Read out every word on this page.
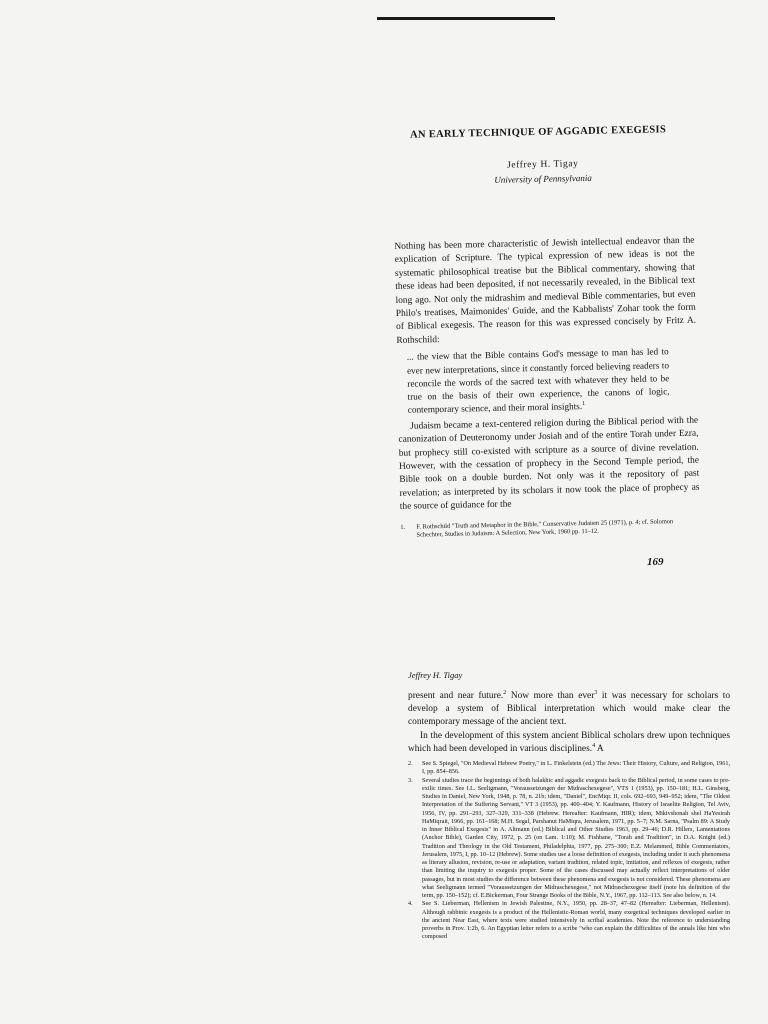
AN EARLY TECHNIQUE OF AGGADIC EXEGESIS
Jeffrey H. Tigay
University of Pennsylvania

Nothing has been more characteristic of Jewish intellectual endeavor than the explication of Scripture. The typical expression of new ideas is not the systematic philosophical treatise but the Biblical commentary, showing that these ideas had been deposited, if not necessarily revealed, in the Biblical text long ago. Not only the midrashim and medieval Bible commentaries, but even Philo's treatises, Maimonides' Guide, and the Kabbalists' Zohar took the form of Biblical exegesis. The reason for this was expressed concisely by Fritz A. Rothschild:

... the view that the Bible contains God's message to man has led to ever new interpretations, since it constantly forced believing readers to reconcile the words of the sacred text with whatever they held to be true on the basis of their own experience, the canons of logic, contemporary science, and their moral insights.$^1$

Judaism became a text-centered religion during the Biblical period with the canonization of Deuteronomy under Josiah and of the entire Torah under Ezra, but prophecy still co-existed with scripture as a source of divine revelation. However, with the cessation of prophecy in the Second Temple period, the Bible took on a double burden. Not only was it the repository of past revelation; as interpreted by its scholars it now took the place of prophecy as the source of guidance for the

1.	F. Rothschild "Truth and Metaphor in the Bible," Conservative Judaism 25 (1971), p. 4; cf. Solomon Schechter, Studies in Judaism: A Selection, New York, 1960 pp. 11–12.
169
Jeffrey H. Tigay

present and near future.$^2$ Now more than ever$^3$ it was necessary for scholars to develop a system of Biblical interpretation which would make clear the contemporary message of the ancient text.

In the development of this system ancient Biblical scholars drew upon techniques which had been developed in various disciplines.$^4$ A

2.	See S. Spiegel, "On Medieval Hebrew Poetry," in L. Finkelstein (ed.) The Jews: Their History, Culture, and Religion, 1961, I, pp. 854–856.
3.	Several studies trace the beginnings of both halakhic and aggadic exegesis back to the Biblical period, in some cases to pre-exilic times. See I.L. Seeligmann, "Voraussetzungen der Midraschexegese", VTS 1 (1953), pp. 150–181; H.L. Ginsberg, Studies in Daniel, New York, 1948, p. 78, n. 21b; idem, "Daniel", EncMiqr. II, cols. 692–693, 949–952; idem, "The Oldest Interpretation of the Suffering Servant," VT 3 (1953), pp. 400–404; Y. Kaufmann, History of Israelite Religion, Tel Aviv, 1956, IV, pp. 291–293, 327–329, 331–338 (Hebrew. Hereafter: Kaufmann, HIR); idem, Mikivshonah shel HaYesirah HaMiqrait, 1966, pp. 161–168; M.H. Segal, Parshanut HaMiqra, Jerusalem, 1971, pp. 5–7; N.M. Sarna, "Psalm 89: A Study in Inner Biblical Exegesis" in A. Altmann (ed.) Biblical and Other Studies 1963, pp. 29–46; D.R. Hillers, Lamentations (Anchor Bible), Garden City, 1972, p. 25 (on Lam. 1:10); M. Fishbane, "Torah and Tradition", in D.A. Knight (ed.) Tradition and Theology in the Old Testament, Philadelphia, 1977, pp. 275–300; E.Z. Melammed, Bible Commentators, Jerusalem, 1975, I, pp. 10–12 (Hebrew). Some studies use a loose definition of exegesis, including under it such phenomena as literary allusion, revision, re-use or adaptation, variant tradition, related topic, imitation, and reflexes of exegesis, rather than limiting the inquiry to exegesis proper. Some of the cases discussed may actually reflect interpretations of older passages, but in most studies the difference between these phenomena and exegesis is not considered. These phenomena are what Seeligmann termed "Voraussetzungen der Midraschexegese," not Midraschexegese itself (note his definition of the term, pp. 150–152); cf. E.Bickerman, Four Strange Books of the Bible, N.Y., 1967, pp. 112–113. See also below, n. 14.
4.	See S. Lieberman, Hellenism in Jewish Palestine, N.Y., 1950, pp. 28–37, 47–82 (Hereafter: Lieberman, Hellenism). Although rabbinic exegesis is a product of the Hellenistic-Roman world, many exegetical techniques developed earlier in the ancient Near East, where texts were studied intensively in scribal academies. Note the reference to understanding proverbs in Prov. 1:2b, 6. An Egyptian letter refers to a scribe "who can explain the difficulties of the annals like him who composed
